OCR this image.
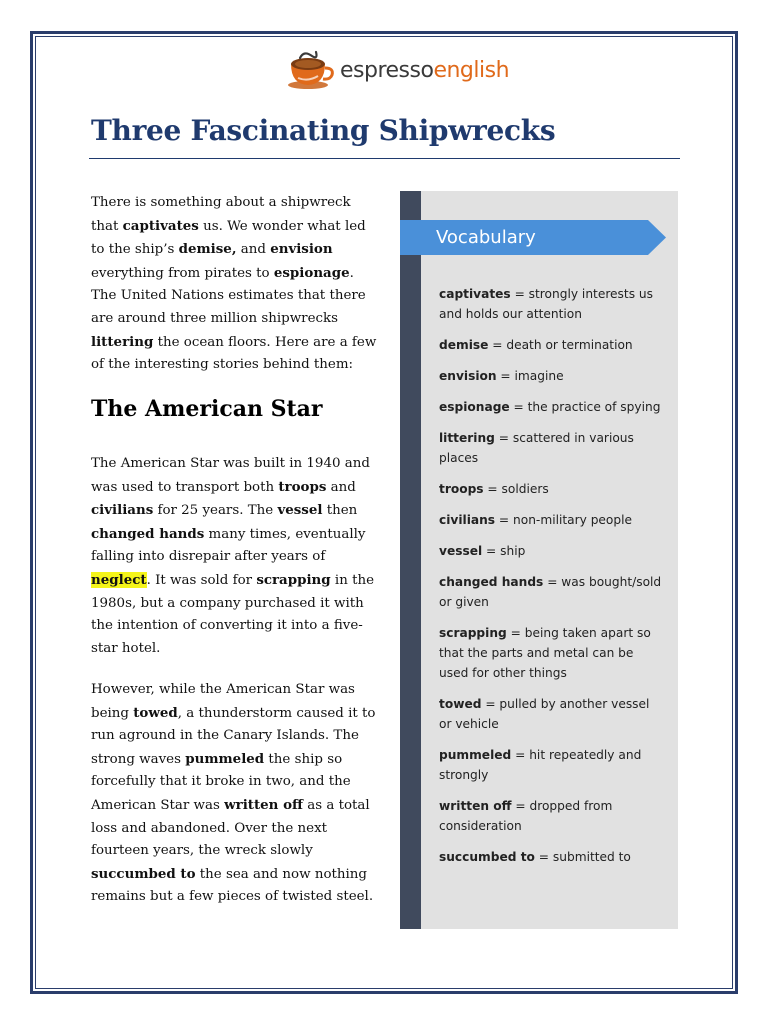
espressoenglish
Three Fascinating Shipwrecks

There is something about a shipwreck that captivates us. We wonder what led to the ship’s demise, and envision everything from pirates to espionage. The United Nations estimates that there are around three million shipwrecks littering the ocean floors. Here are a few of the interesting stories behind them:

The American Star

The American Star was built in 1940 and was used to transport both troops and civilians for 25 years. The vessel then changed hands many times, eventually falling into disrepair after years of neglect. It was sold for scrapping in the 1980s, but a company purchased it with the intention of converting it into a five-star hotel.

However, while the American Star was being towed, a thunderstorm caused it to run aground in the Canary Islands. The strong waves pummeled the ship so forcefully that it broke in two, and the American Star was written off as a total loss and abandoned. Over the next fourteen years, the wreck slowly succumbed to the sea and now nothing remains but a few pieces of twisted steel.

Vocabulary

captivates = strongly interests us and holds our attention

demise = death or termination

envision = imagine

espionage = the practice of spying

littering = scattered in various places

troops = soldiers

civilians = non-military people

vessel = ship

changed hands = was bought/sold or given

scrapping = being taken apart so that the parts and metal can be used for other things

towed = pulled by another vessel or vehicle

pummeled = hit repeatedly and strongly

written off = dropped from consideration

succumbed to = submitted to
